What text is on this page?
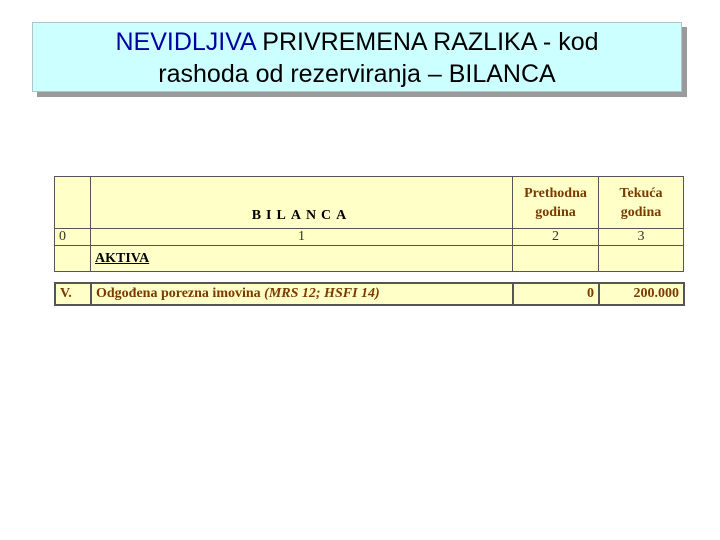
NEVIDLJIVA PRIVREMENA RAZLIKA - kod
rashoda od rezerviranja – BILANCA
	BILANCA	Prethodna godina	Tekuća godina
0	1	2	3
	AKTIVA		
V.	Odgođena porezna imovina (MRS 12; HSFI 14)	0	200.000
